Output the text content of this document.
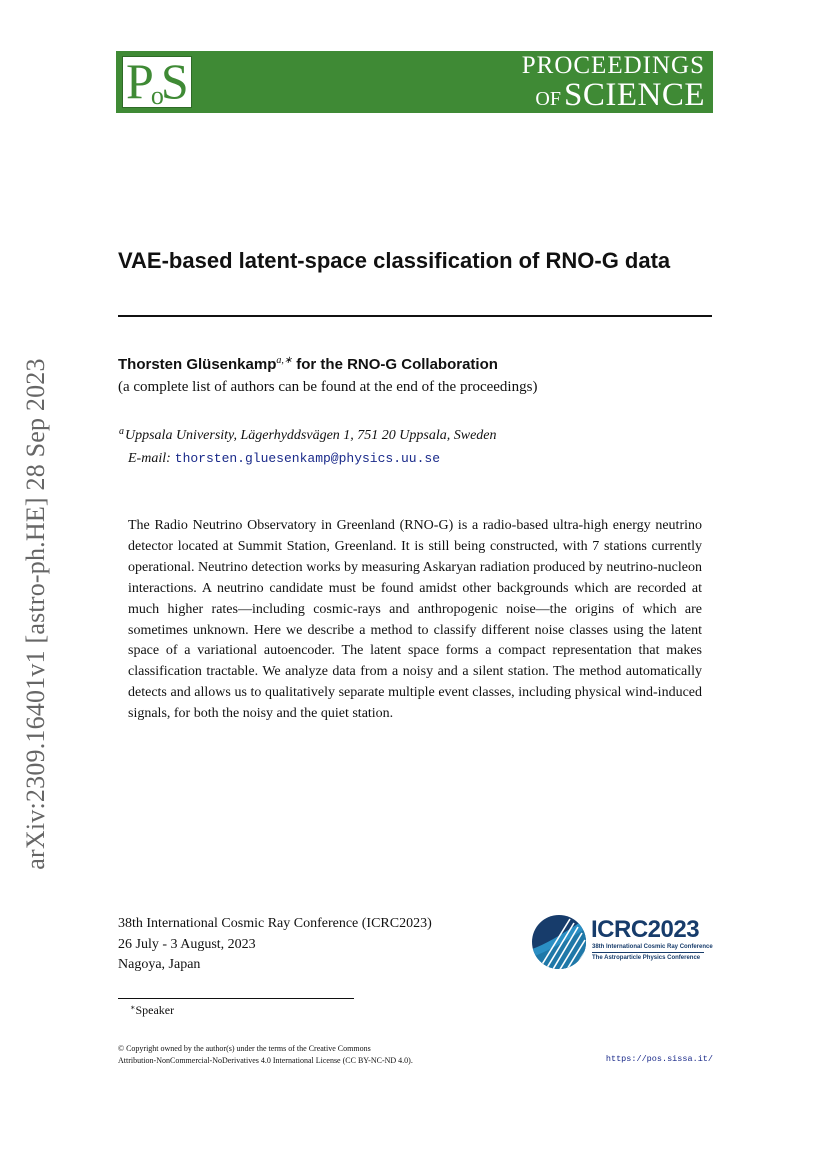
PoS	PROCEEDINGS
OFSCIENCE
arXiv:2309.16401v1 [astro-ph.HE] 28 Sep 2023
VAE-based latent-space classification of RNO-G data
Thorsten Glüsenkamp$^{a,∗}$ for the RNO-G Collaboration
(a complete list of authors can be found at the end of the proceedings)
$^a$Uppsala University, Lägerhyddsvägen 1, 751 20 Uppsala, Sweden
E-mail: thorsten.gluesenkamp@physics.uu.se

The Radio Neutrino Observatory in Greenland (RNO-G) is a radio-based ultra-high energy neutrino detector located at Summit Station, Greenland. It is still being constructed, with 7 stations currently operational. Neutrino detection works by measuring Askaryan radiation produced by neutrino-nucleon interactions. A neutrino candidate must be found amidst other backgrounds which are recorded at much higher rates—including cosmic-rays and anthropogenic noise—the origins of which are sometimes unknown. Here we describe a method to classify different noise classes using the latent space of a variational autoencoder. The latent space forms a compact representation that makes classification tractable. We analyze data from a noisy and a silent station. The method automatically detects and allows us to qualitatively separate multiple event classes, including physical wind-induced signals, for both the noisy and the quiet station.

38th International Cosmic Ray Conference (ICRC2023)
26 July - 3 August, 2023
Nagoya, Japan
ICRC2023
38th International Cosmic Ray Conference
The Astroparticle Physics Conference
∗Speaker
© Copyright owned by the author(s) under the terms of the Creative Commons
Attribution-NonCommercial-NoDerivatives 4.0 International License (CC BY-NC-ND 4.0).	https://pos.sissa.it/
